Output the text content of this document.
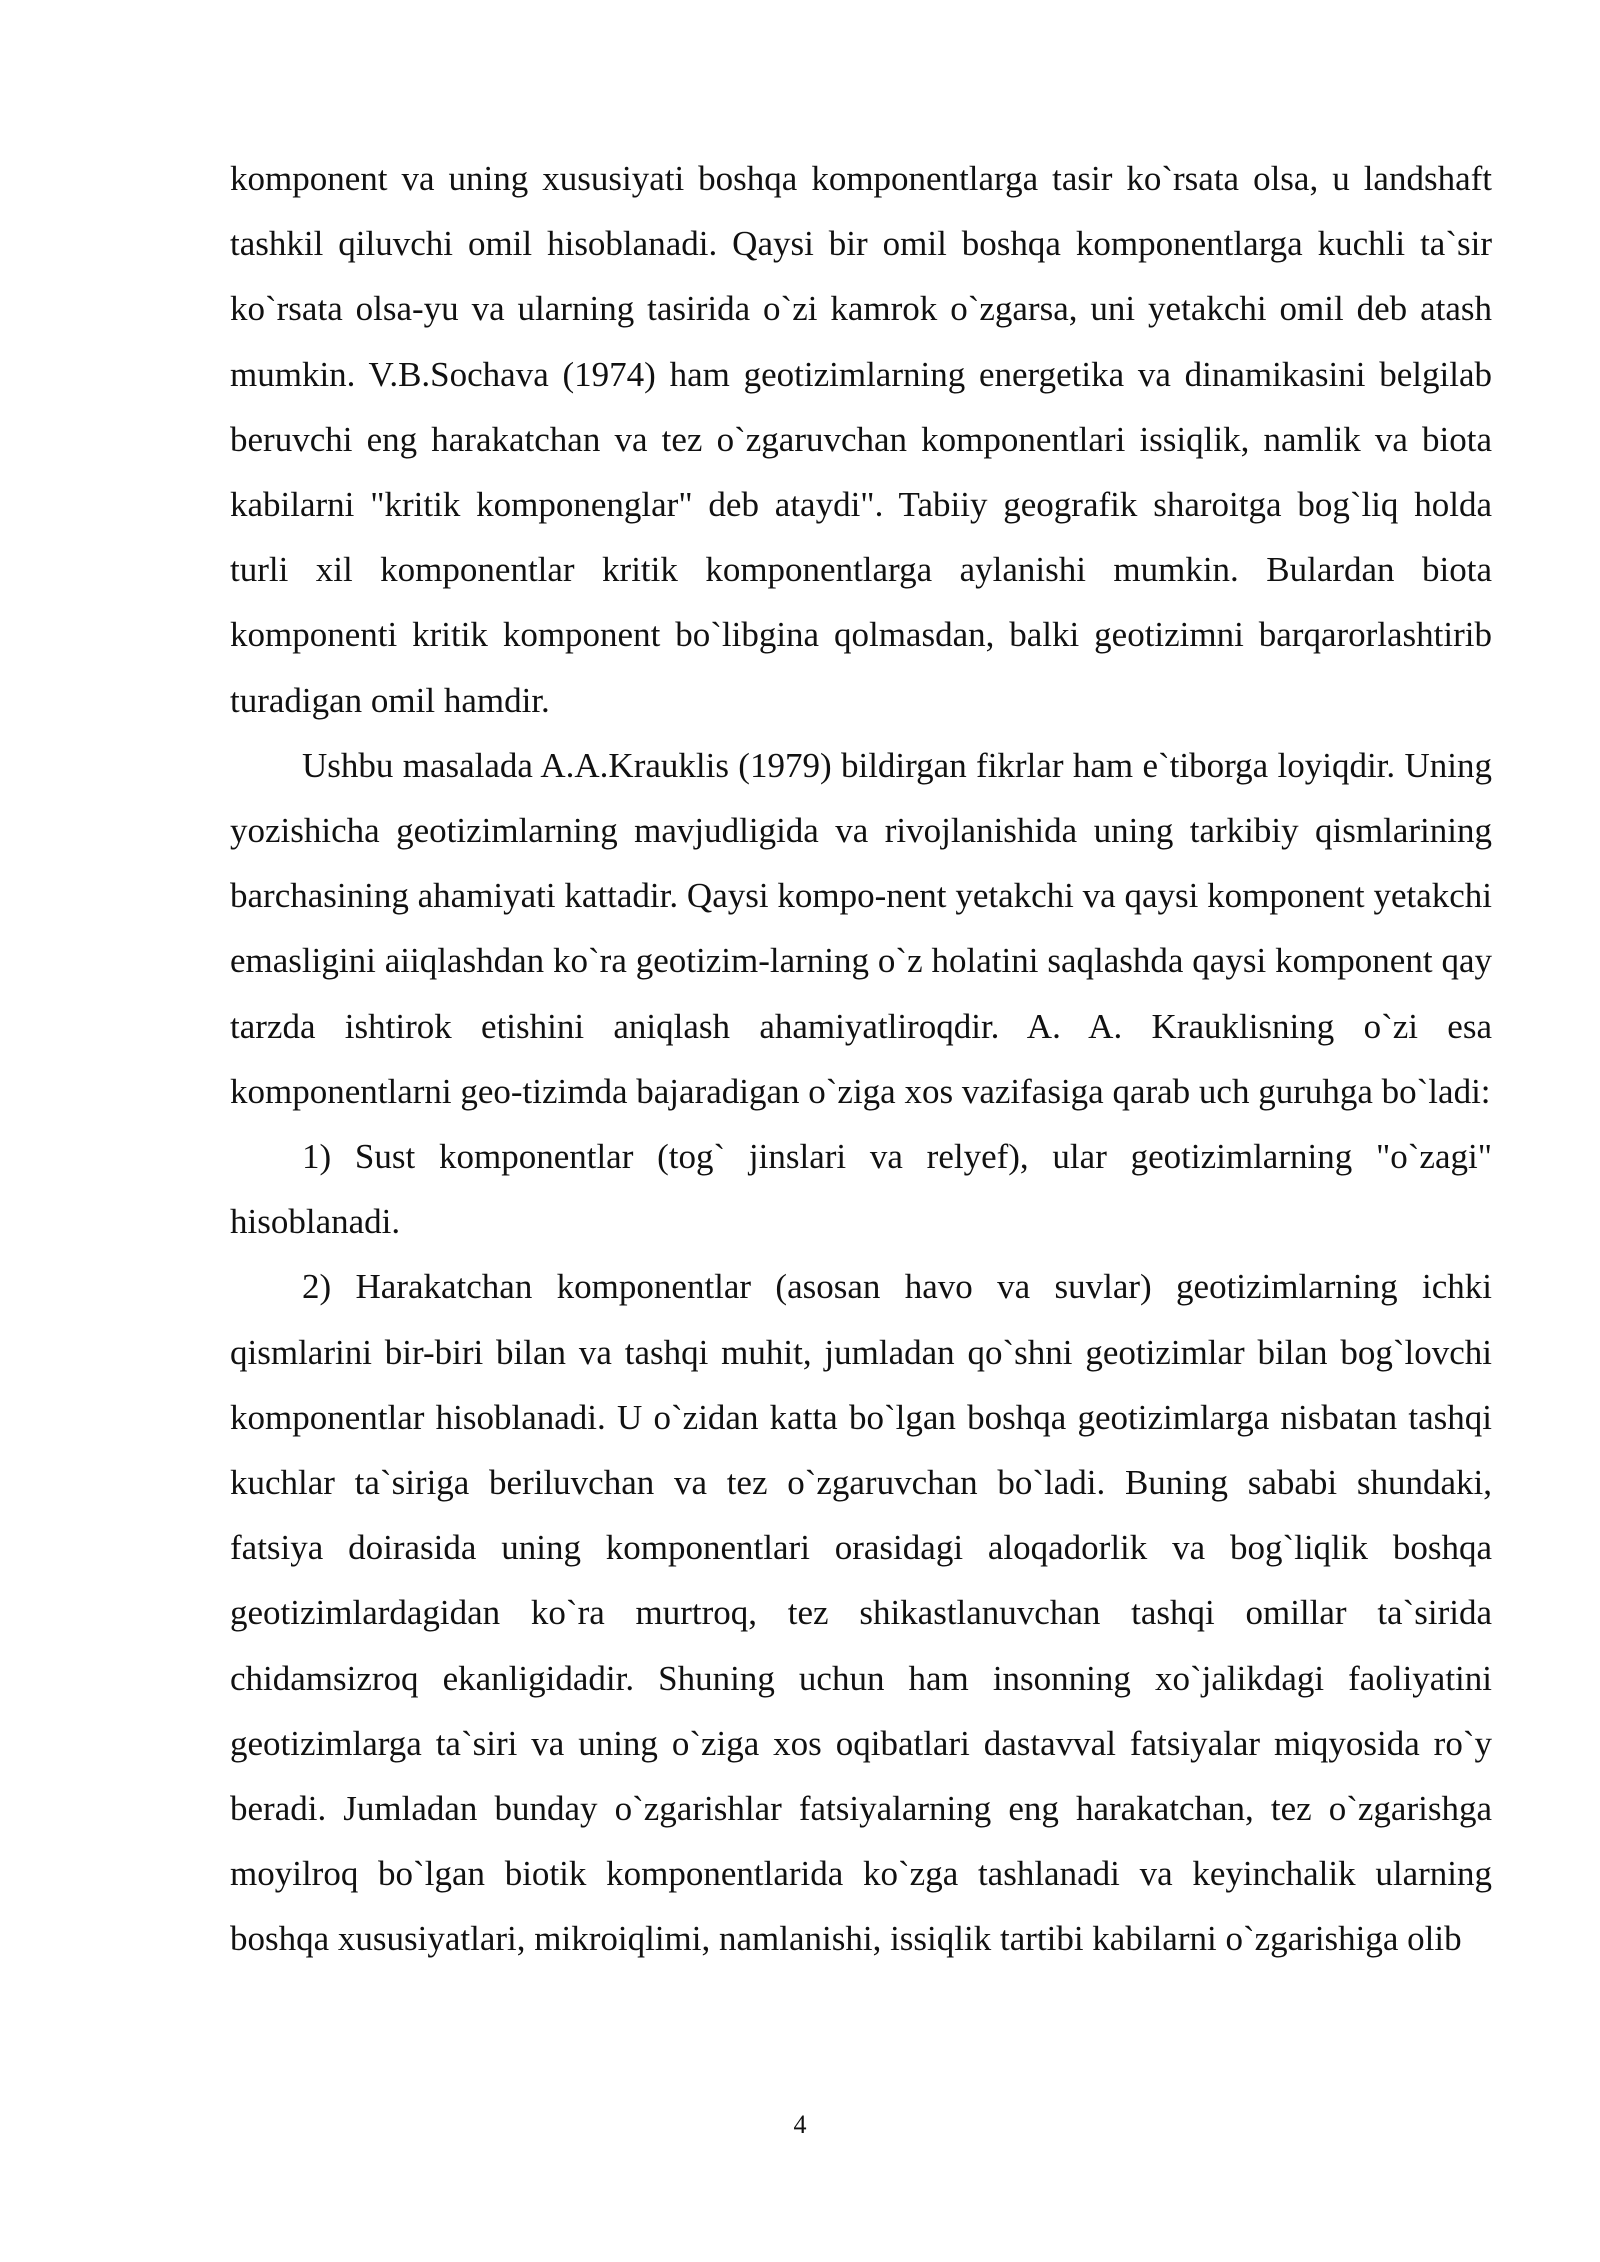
komponent va uning xususiyati boshqa komponentlarga tasir ko`rsata olsa, u landshaft tashkil qiluvchi omil hisoblanadi. Qaysi bir omil boshqa komponentlarga kuchli ta`sir ko`rsata olsa-yu va ularning tasirida o`zi kamrok o`zgarsa, uni yetakchi omil deb atash mumkin. V.B.Sochava (1974) ham geotizimlarning energetika va dinamikasini belgilab beruvchi eng harakatchan va tez o`zgaruvchan komponentlari issiqlik, namlik va biota kabilarni "kritik komponenglar" deb ataydi". Tabiiy geografik sharoitga bog`liq holda turli xil komponentlar kritik komponentlarga aylanishi mumkin. Bulardan biota komponenti kritik komponent bo`libgina qolmasdan, balki geotizimni barqarorlashtirib turadigan omil hamdir.

Ushbu masalada A.A.Krauklis (1979) bildirgan fikrlar ham e`tiborga loyiqdir. Uning yozishicha geotizimlarning mavjudligida va rivojlanishida uning tarkibiy qismlarining barchasining ahamiyati kattadir. Qaysi kompo-nent yetakchi va qaysi komponent yetakchi emasligini aiiqlashdan ko`ra geotizim-larning o`z holatini saqlashda qaysi komponent qay tarzda ishtirok etishini aniqlash ahamiyatliroqdir. A. A. Krauklisning o`zi esa komponentlarni geo-tizimda bajaradigan o`ziga xos vazifasiga qarab uch guruhga bo`ladi:

1) Sust komponentlar (tog` jinslari va relyef), ular geotizimlarning "o`zagi" hisoblanadi.

2) Harakatchan komponentlar (asosan havo va suvlar) geotizimlarning ichki qismlarini bir-biri bilan va tashqi muhit, jumladan qo`shni geotizimlar bilan bog`lovchi komponentlar hisoblanadi. U o`zidan katta bo`lgan boshqa geotizimlarga nisbatan tashqi kuchlar ta`siriga beriluvchan va tez o`zgaruvchan bo`ladi. Buning sababi shundaki, fatsiya doirasida uning komponentlari orasidagi aloqadorlik va bog`liqlik boshqa geotizimlardagidan ko`ra murtroq, tez shikastlanuvchan tashqi omillar ta`sirida chidamsizroq ekanligidadir. Shuning uchun ham insonning xo`jalikdagi faoliyatini geotizimlarga ta`siri va uning o`ziga xos oqibatlari dastavval fatsiyalar miqyosida ro`y beradi. Jumladan bunday o`zgarishlar fatsiyalarning eng harakatchan, tez o`zgarishga moyilroq bo`lgan biotik komponentlarida ko`zga tashlanadi va keyinchalik ularning boshqa xususiyatlari, mikroiqlimi, namlanishi, issiqlik tartibi kabilarni o`zgarishiga olib

4
